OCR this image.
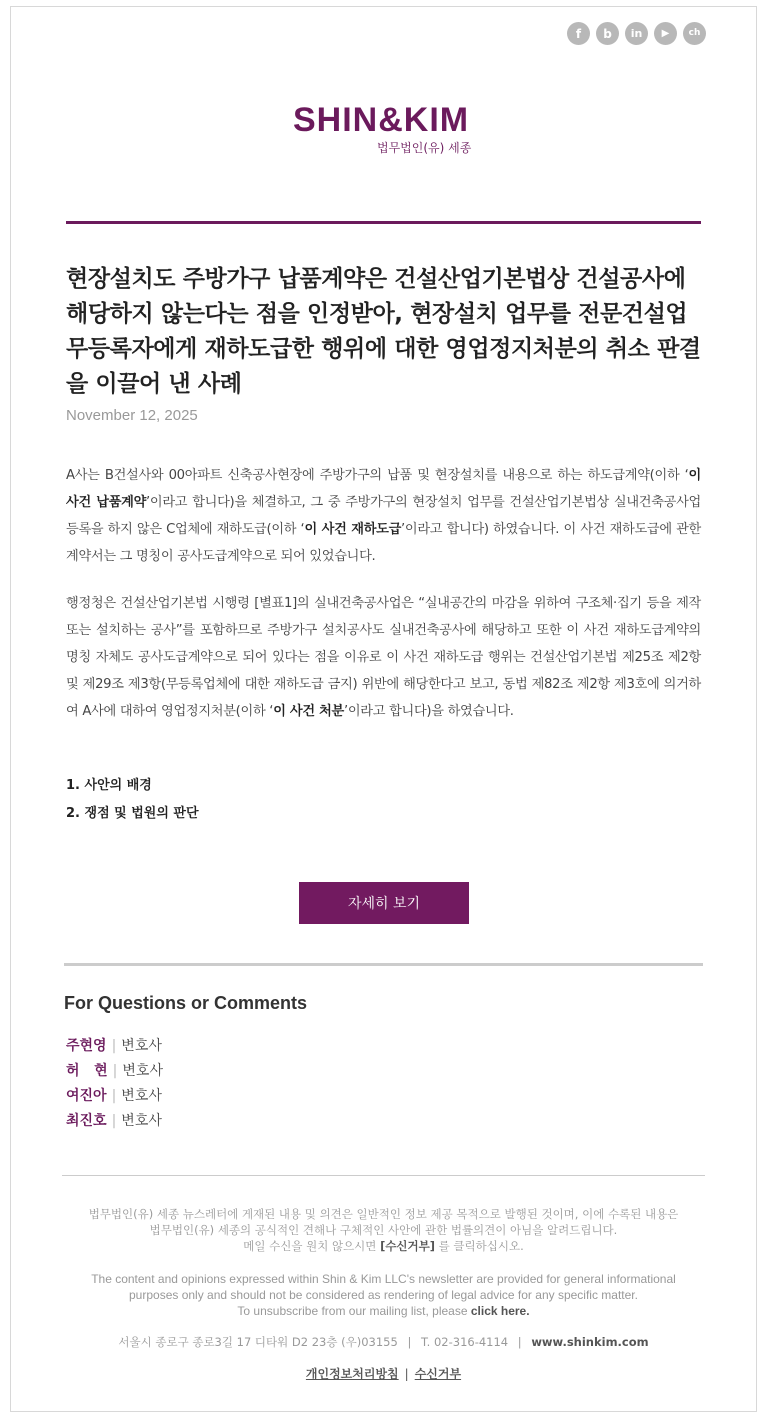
f	b	in	▶	ch
SHIN&KIM
법무법인(유) 세종
현장설치도 주방가구 납품계약은 건설산업기본법상 건설공사에 해당하지 않는다는 점을 인정받아, 현장설치 업무를 전문건설업 무등록자에게 재하도급한 행위에 대한 영업정지처분의 취소 판결을 이끌어 낸 사례
November 12, 2025

A사는 B건설사와 00아파트 신축공사현장에 주방가구의 납품 및 현장설치를 내용으로 하는 하도급계약(이하 ‘이 사건 납품계약’이라고 합니다)을 체결하고, 그 중 주방가구의 현장설치 업무를 건설산업기본법상 실내건축공사업 등록을 하지 않은 C업체에 재하도급(이하 ‘이 사건 재하도급’이라고 합니다) 하였습니다. 이 사건 재하도급에 관한 계약서는 그 명칭이 공사도급계약으로 되어 있었습니다.

행정청은 건설산업기본법 시행령 [별표1]의 실내건축공사업은 “실내공간의 마감을 위하여 구조체·집기 등을 제작 또는 설치하는 공사”를 포함하므로 주방가구 설치공사도 실내건축공사에 해당하고 또한 이 사건 재하도급계약의 명칭 자체도 공사도급계약으로 되어 있다는 점을 이유로 이 사건 재하도급 행위는 건설산업기본법 제25조 제2항 및 제29조 제3항(무등록업체에 대한 재하도급 금지) 위반에 해당한다고 보고, 동법 제82조 제2항 제3호에 의거하여 A사에 대하여 영업정지처분(이하 ‘이 사건 처분’이라고 합니다)을 하였습니다.

1. 사안의 배경
2. 쟁점 및 법원의 판단
자세히 보기
For Questions or Comments
주현영 | 변호사
허   현 | 변호사
여진아 | 변호사
최진호 | 변호사
법무법인(유) 세종 뉴스레터에 게재된 내용 및 의견은 일반적인 정보 제공 목적으로 발행된 것이며, 이에 수록된 내용은
법무법인(유) 세종의 공식적인 견해나 구체적인 사안에 관한 법률의견이 아님을 알려드립니다.
메일 수신을 원치 않으시면 [수신거부] 를 클릭하십시오.
The content and opinions expressed within Shin & Kim LLC's newsletter are provided for general informational
purposes only and should not be considered as rendering of legal advice for any specific matter.
To unsubscribe from our mailing list, please click here.
서울시 종로구 종로3길 17 디타워 D2 23층 (우)03155 | T. 02-316-4114 | www.shinkim.com
개인정보처리방침 | 수신거부
